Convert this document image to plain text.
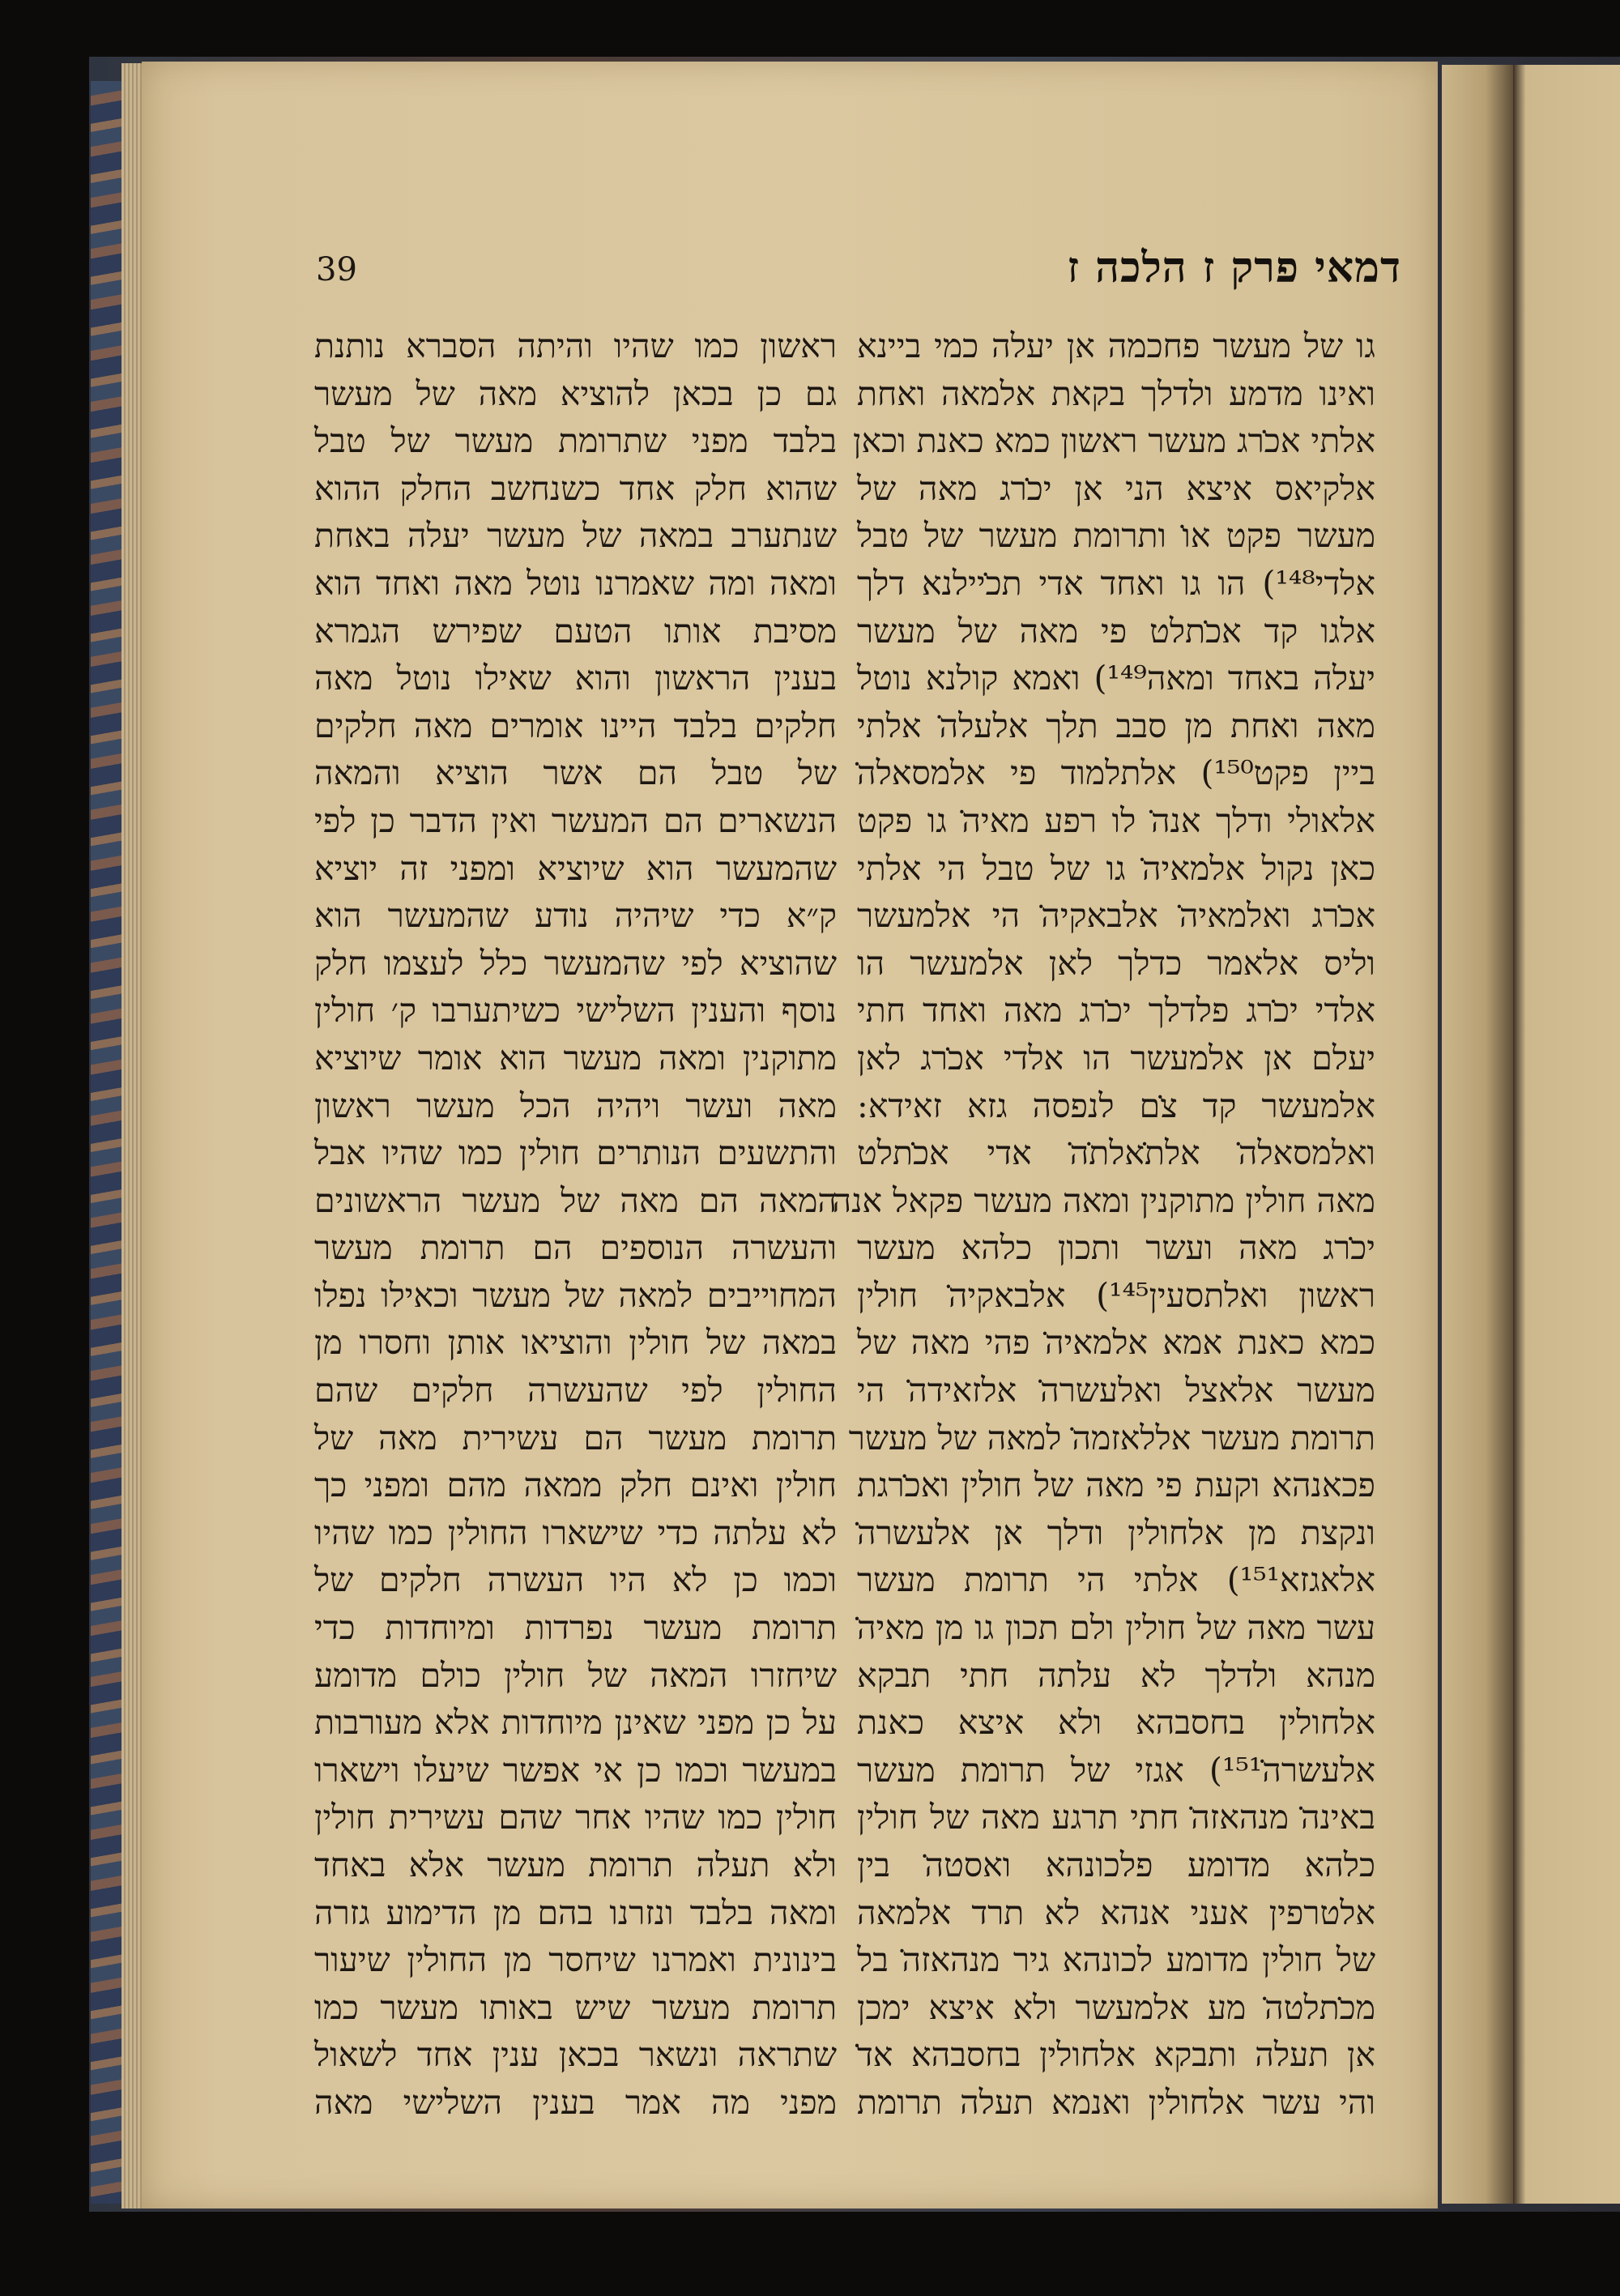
39	דמאי פרק ז הלכה ז
גו של מעשר פחכמה אן יעלה כמי ביינא
ואינו מדמע ולדלך בקאת אלמאה ואחת
אלתי אכ̇רג מעשר ראשון כמא כאנת וכאן
אלקיאס איצא הני אן יכ̇רג מאה של
מעשר פקט או̇ ותרומת מעשר של טבל
אלדי¹⁴⁸) הו גו ואחד אדי תכ̇יילנא דלך
אלגו קד אכ̇תלט פי מאה של מעשר
יעלה באחד ומאה¹⁴⁹) ואמא קולנא נוטל
מאה ואחת מן סבב תלך אלעלה̇ אלתי
ביין פקט¹⁵⁰) אלתלמוד פי אלמסאלה̇
אלאולי ודלך אנה̇ לו רפע מאיה̇ גו פקט
כאן נקול אלמאיה̇ גו של טבל הי אלתי
אכ̇רג ואלמאיה̇ אלבאקיה̇ הי אלמעשר
וליס אלאמר כדלך לאן אלמעשר הו
אלדי יכ̇רג פלדלך יכ̇רג מאה ואחד חתי
יעלם אן אלמעשר הו אלדי אכ̇רג לאן
אלמעשר קד צ̇ם לנפסה גזא זאידא:
ואלמסאלה̇ אלת̇אלת̇ה̇ אדי אכ̇תלט
מאה חולין מתוקנין ומאה מעשר פקאל אנה
יכ̇רג מאה ועשר ותכון כלהא מעשר
ראשון ואלתסעין¹⁴⁵) אלבאקיה̇ חולין
כמא כאנת אמא אלמאיה̇ פהי מאה של
מעשר אלאצל ואלעשרה̇ אלזאידה̇ הי
תרומת מעשר אללאזמה̇ למאה של מעשר
פכאנהא וקעת פי מאה של חולין ואכ̇רגת
ונקצת מן אלחולין ודלך אן אלעשרה̇
אלאגזא¹⁵¹) אלתי הי תרומת מעשר
עשר מאה של חולין ולם תכון גו מן מאיה̇
מנהא ולדלך לא עלתה חתי תבקא
אלחולין בחסבהא ולא איצא כאנת
אלעשרה̇¹⁵¹) אגזי של תרומת מעשר
באינה̇ מנהאזה̇ חתי תרגע מאה של חולין
כלהא מדומע פלכונהא ואסטה̇ בין
אלטרפין אעני אנהא לא תרד אלמאה
של חולין מדומע לכונהא גיר מנהאזה̇ בל
מכ̇תלטה̇ מע אלמעשר ולא איצא ימכן
אן תעלה ותבקא אלחולין בחסבהא אד̇
והי עשר אלחולין ואנמא תעלה תרומת
ראשון כמו שהיו והיתה הסברא נותנת
גם כן בכאן להוציא מאה של מעשר
בלבד מפני שתרומת מעשר של טבל
שהוא חלק אחד כשנחשב החלק ההוא
שנתערב במאה של מעשר יעלה באחת
ומאה ומה שאמרנו נוטל מאה ואחד הוא
מסיבת אותו הטעם שפירש הגמרא
בענין הראשון והוא שאילו נוטל מאה
חלקים בלבד היינו אומרים מאה חלקים
של טבל הם אשר הוציא והמאה
הנשארים הם המעשר ואין הדבר כן לפי
שהמעשר הוא שיוציא ומפני זה יוציא
ק״א כדי שיהיה נודע שהמעשר הוא
שהוציא לפי שהמעשר כלל לעצמו חלק
נוסף והענין השלישי כשיתערבו ק׳ חולין
מתוקנין ומאה מעשר הוא אומר שיוציא
מאה ועשר ויהיה הכל מעשר ראשון
והתשעים הנותרים חולין כמו שהיו אבל
המאה הם מאה של מעשר הראשונים
והעשרה הנוספים הם תרומת מעשר
המחוייבים למאה של מעשר וכאילו נפלו
במאה של חולין והוציאו אותן וחסרו מן
החולין לפי שהעשרה חלקים שהם
תרומת מעשר הם עשירית מאה של
חולין ואינם חלק ממאה מהם ומפני כך
לא עלתה כדי שישארו החולין כמו שהיו
וכמו כן לא היו העשרה חלקים של
תרומת מעשר נפרדות ומיוחדות כדי
שיחזרו המאה של חולין כולם מדומע
על כן מפני שאינן מיוחדות אלא מעורבות
במעשר וכמו כן אי אפשר שיעלו וישארו
חולין כמו שהיו אחר שהם עשירית חולין
ולא תעלה תרומת מעשר אלא באחד
ומאה בלבד ונזרנו בהם מן הדימוע גזרה
בינונית ואמרנו שיחסר מן החולין שיעור
תרומת מעשר שיש באותו מעשר כמו
שתראה ונשאר בכאן ענין אחד לשאול
מפני מה אמר בענין השלישי מאה
